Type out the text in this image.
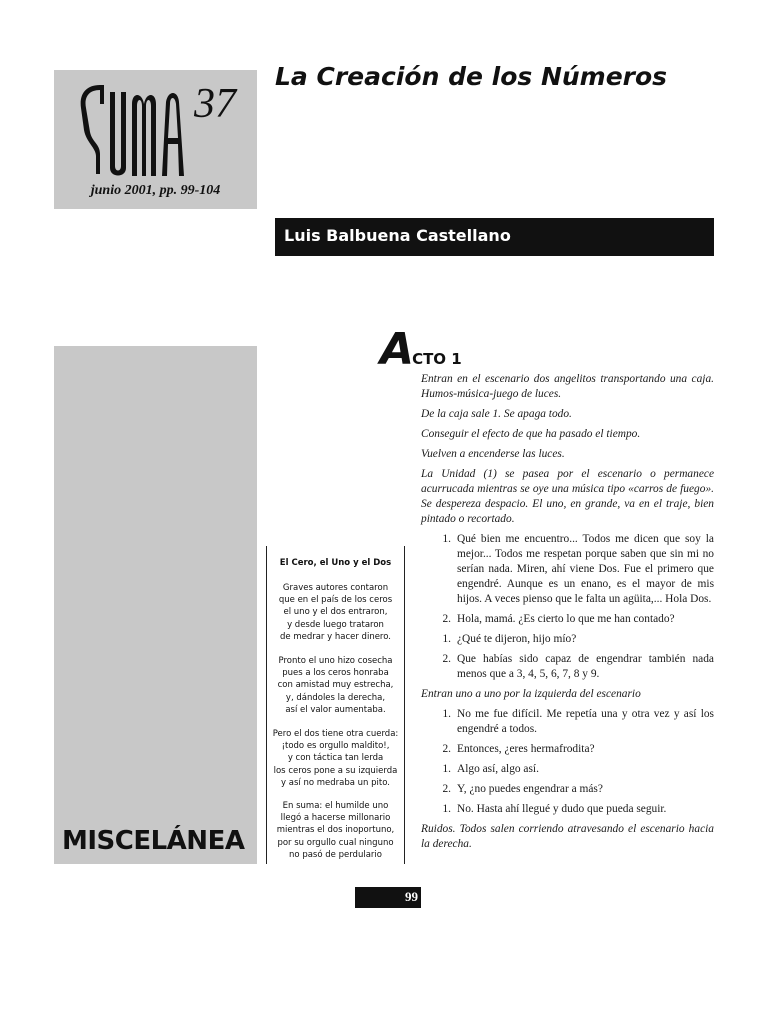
37
junio 2001, pp. 99-104
La Creación de los Números
Luis Balbuena Castellano
MISCELÁNEA
El Cero, el Uno y el Dos
Graves autores contaron
que en el país de los ceros
el uno y el dos entraron,
y desde luego trataron
de medrar y hacer dinero.
Pronto el uno hizo cosecha
pues a los ceros honraba
con amistad muy estrecha,
y, dándoles la derecha,
así el valor aumentaba.
Pero el dos tiene otra cuerda:
¡todo es orgullo maldito!,
y con táctica tan lerda
los ceros pone a su izquierda
y así no medraba un pito.
En suma: el humilde uno
llegó a hacerse millonario
mientras el dos inoportuno,
por su orgullo cual ninguno
no pasó de perdulario
ACTO 1

Entran en el escenario dos angelitos transportando una caja. Humos-música-juego de luces.

De la caja sale 1. Se apaga todo.

Conseguir el efecto de que ha pasado el tiempo.

Vuelven a encenderse las luces.

La Unidad (1) se pasea por el escenario o permanece acurrucada mientras se oye una música tipo «carros de fuego». Se despereza despacio. El uno, en grande, va en el traje, bien pintado o recortado.

1. Qué bien me encuentro... Todos me dicen que soy la mejor... Todos me respetan porque saben que sin mi no serían nada. Miren, ahí viene Dos. Fue el primero que engendré. Aunque es un enano, es el mayor de mis hijos. A veces pienso que le falta un agüita,... Hola Dos.
2. Hola, mamá. ¿Es cierto lo que me han contado?
1. ¿Qué te dijeron, hijo mío?
2. Que habías sido capaz de engendrar también nada menos que a 3, 4, 5, 6, 7, 8 y 9.

Entran uno a uno por la izquierda del escenario

1. No me fue difícil. Me repetía una y otra vez y así los engendré a todos.
2. Entonces, ¿eres hermafrodita?
1. Algo así, algo así.
2. Y, ¿no puedes engendrar a más?
1. No. Hasta ahí llegué y dudo que pueda seguir.

Ruidos. Todos salen corriendo atravesando el escenario hacia la derecha.

99
